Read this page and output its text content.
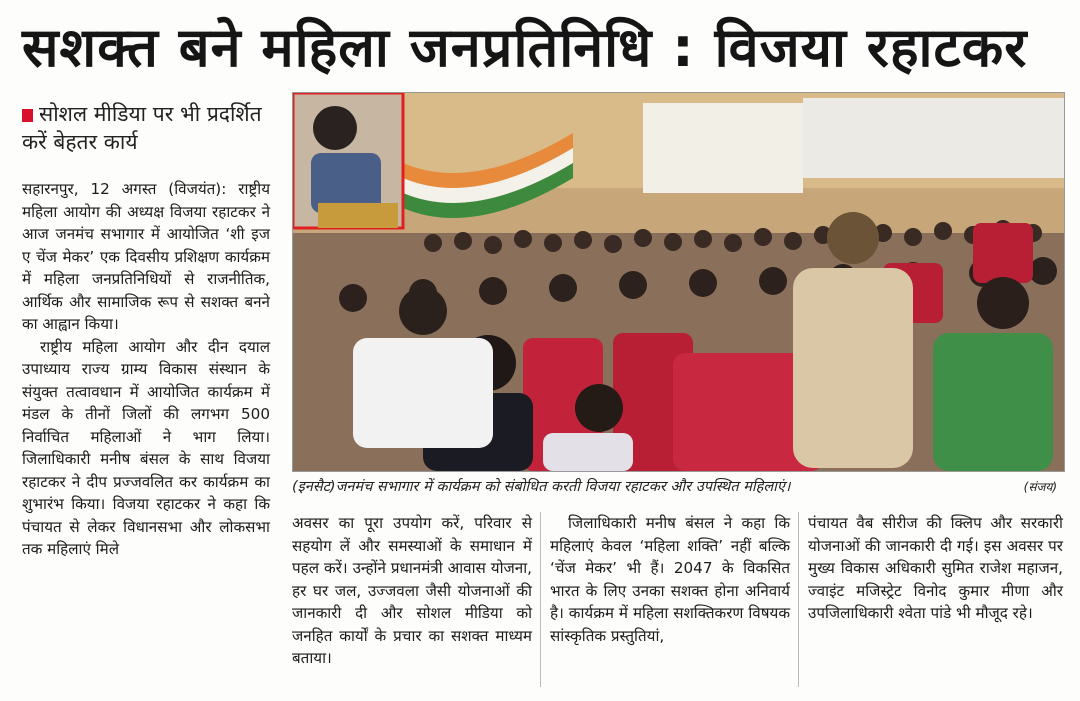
सशक्त बने महिला जनप्रतिनिधि : विजया रहाटकर
सोशल मीडिया पर भी प्रदर्शित करें बेहतर कार्य

सहारनपुर, 12 अगस्त (विजयंत): राष्ट्रीय महिला आयोग की अध्यक्ष विजया रहाटकर ने आज जनमंच सभागार में आयोजित ‘शी इज ए चेंज मेकर’ एक दिवसीय प्रशिक्षण कार्यक्रम में महिला जनप्रतिनिधियों से राजनीतिक, आर्थिक और सामाजिक रूप से सशक्त बनने का आह्वान किया।

राष्ट्रीय महिला आयोग और दीन दयाल उपाध्याय राज्य ग्राम्य विकास संस्थान के संयुक्त तत्वावधान में आयोजित कार्यक्रम में मंडल के तीनों जिलों की लगभग 500 निर्वाचित महिलाओं ने भाग लिया। जिलाधिकारी मनीष बंसल के साथ विजया रहाटकर ने दीप प्रज्जवलित कर कार्यक्रम का शुभारंभ किया। विजया रहाटकर ने कहा कि पंचायत से लेकर विधानसभा और लोकसभा तक महिलाएं मिले

(इनसैट)जनमंच सभागार में कार्यक्रम को संबोधित करती विजया रहाटकर और उपस्थित महिलाएं।	(संजय)

अवसर का पूरा उपयोग करें, परिवार से सहयोग लें और समस्याओं के समाधान में पहल करें। उन्होंने प्रधानमंत्री आवास योजना, हर घर जल, उज्जवला जैसी योजनाओं की जानकारी दी और सोशल मीडिया को जनहित कार्यों के प्रचार का सशक्त माध्यम बताया।

जिलाधिकारी मनीष बंसल ने कहा कि महिलाएं केवल ‘महिला शक्ति’ नहीं बल्कि ‘चेंज मेकर’ भी हैं। 2047 के विकसित भारत के लिए उनका सशक्त होना अनिवार्य है। कार्यक्रम में महिला सशक्तिकरण विषयक सांस्कृतिक प्रस्तुतियां,

पंचायत वैब सीरीज की क्लिप और सरकारी योजनाओं की जानकारी दी गई। इस अवसर पर मुख्य विकास अधिकारी सुमित राजेश महाजन, ज्वाइंट मजिस्ट्रेट विनोद कुमार मीणा और उपजिलाधिकारी श्वेता पांडे भी मौजूद रहे।
